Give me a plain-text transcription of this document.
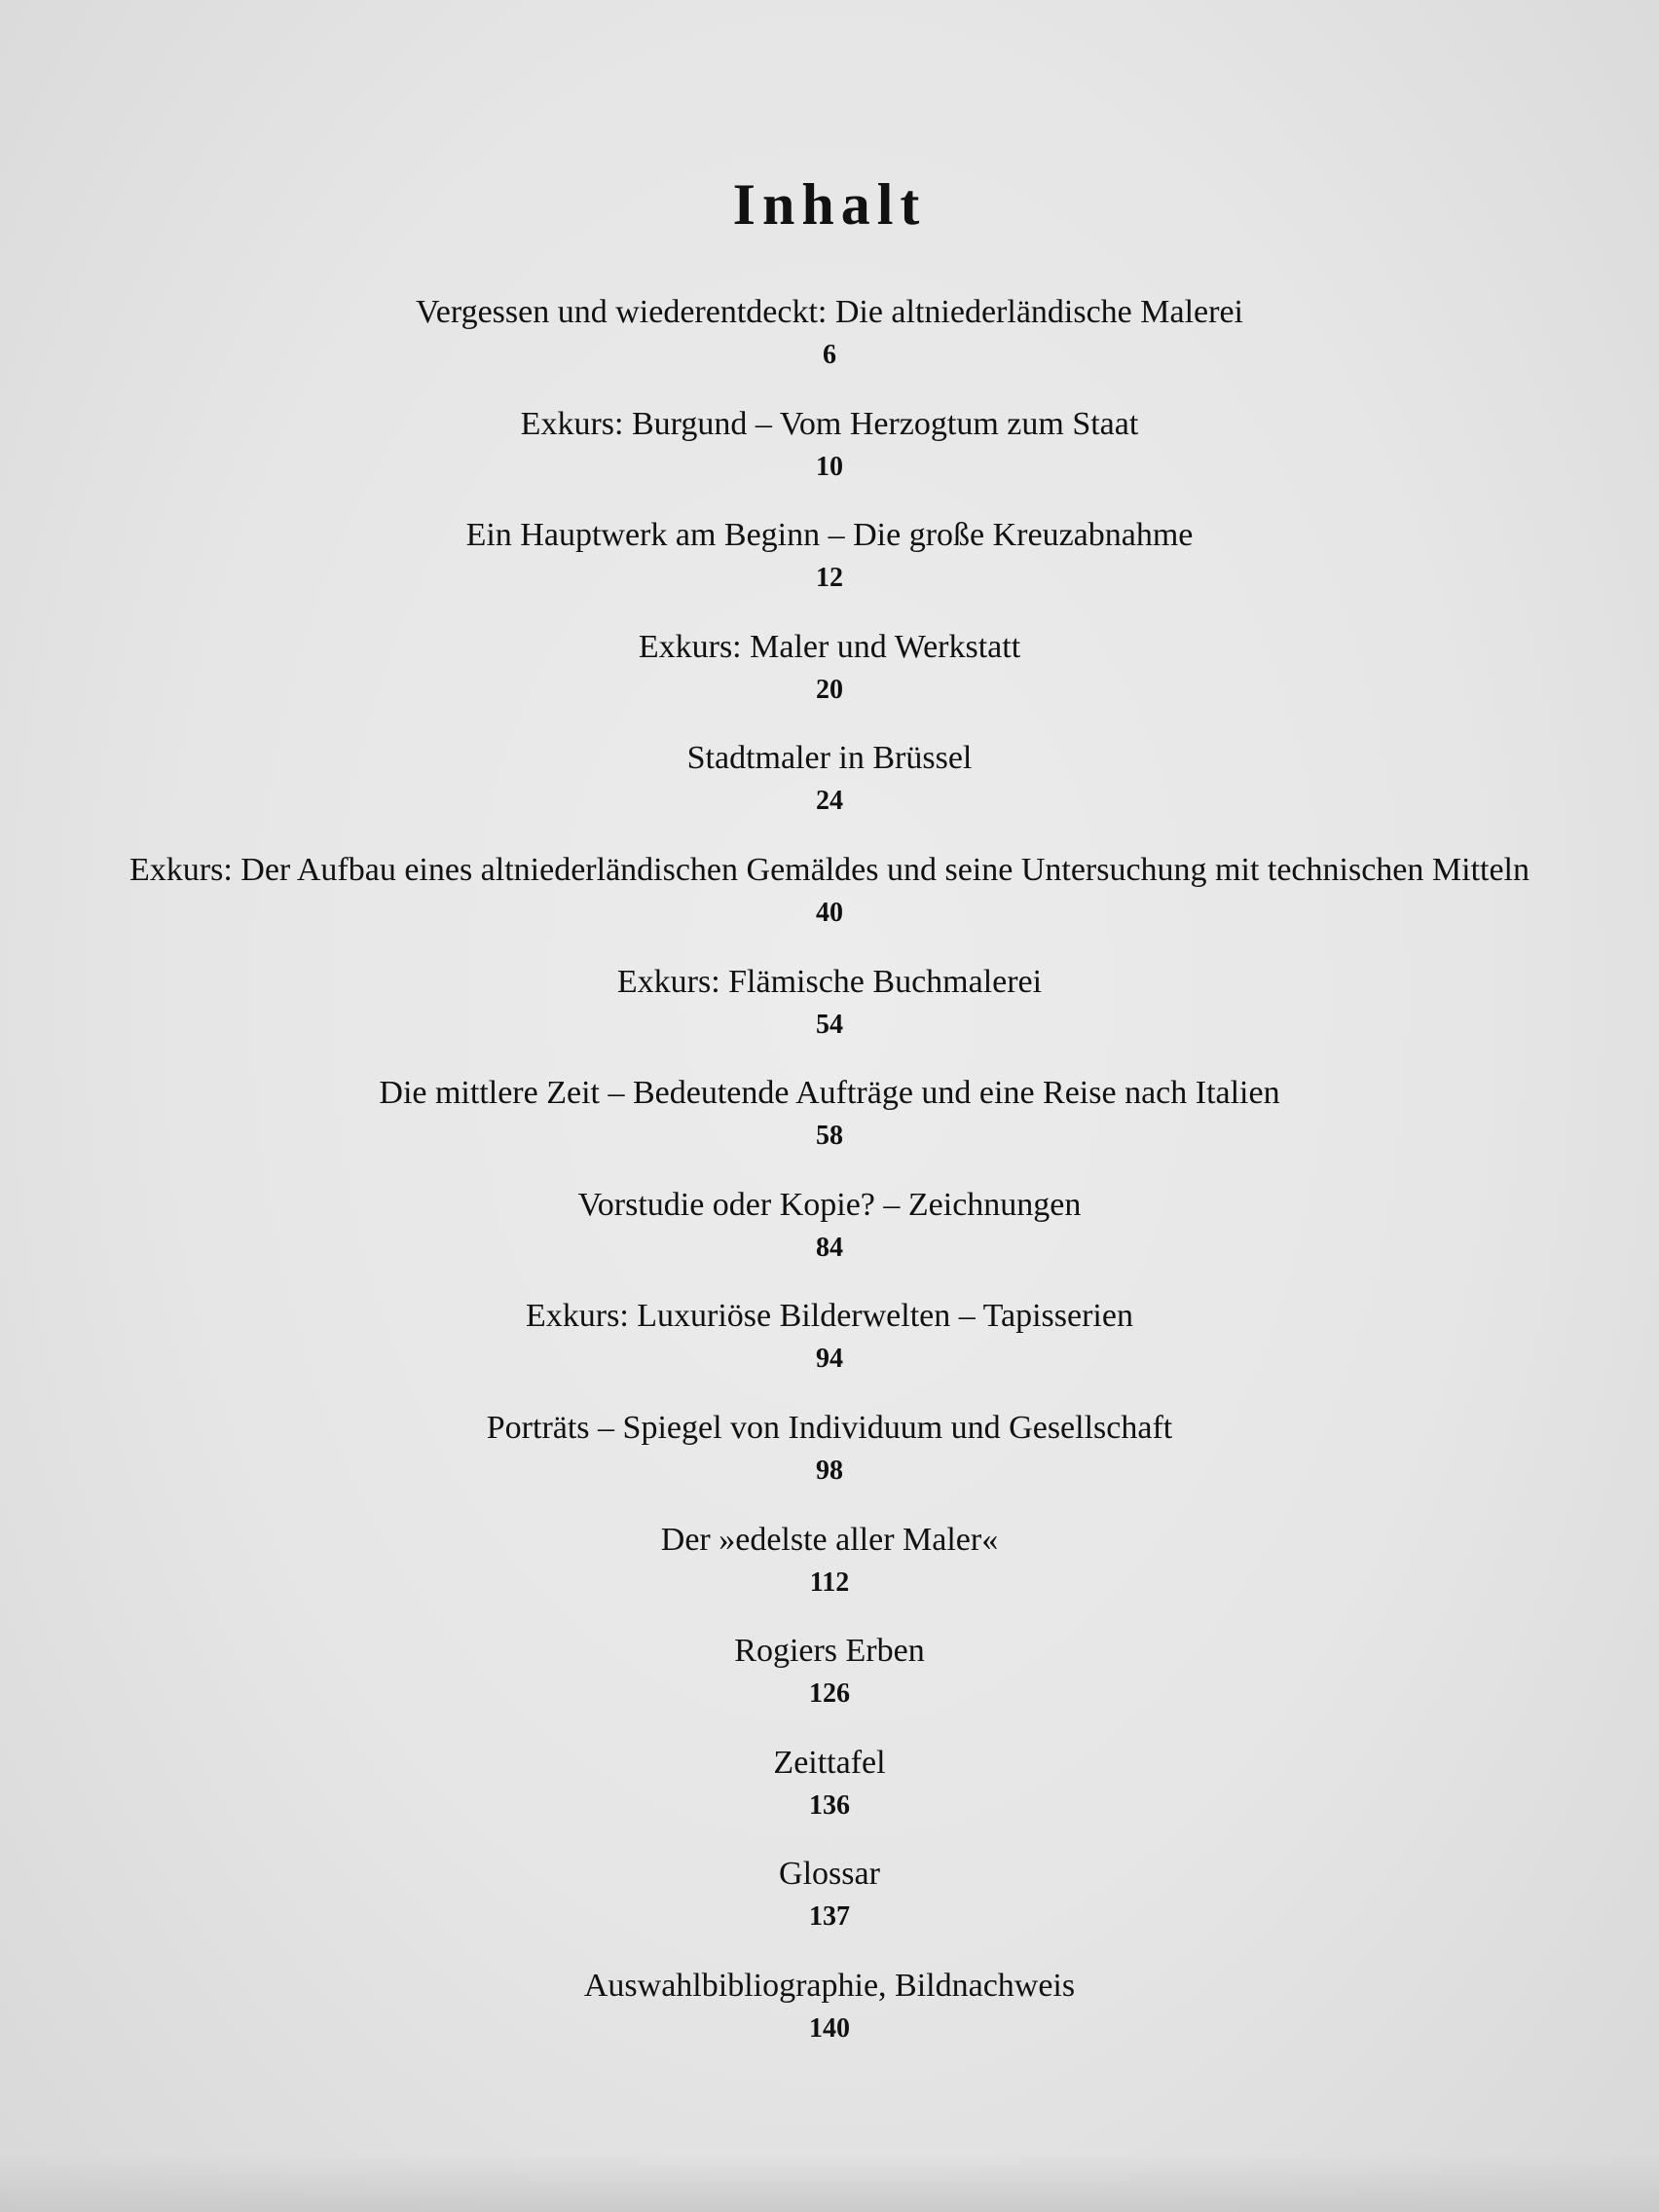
Inhalt
Vergessen und wiederentdeckt: Die altniederländische Malerei
6
Exkurs: Burgund – Vom Herzogtum zum Staat
10
Ein Hauptwerk am Beginn – Die große Kreuzabnahme
12
Exkurs: Maler und Werkstatt
20
Stadtmaler in Brüssel
24
Exkurs: Der Aufbau eines altniederländischen Gemäldes und seine Untersuchung mit technischen Mitteln
40
Exkurs: Flämische Buchmalerei
54
Die mittlere Zeit – Bedeutende Aufträge und eine Reise nach Italien
58
Vorstudie oder Kopie? – Zeichnungen
84
Exkurs: Luxuriöse Bilderwelten – Tapisserien
94
Porträts – Spiegel von Individuum und Gesellschaft
98
Der »edelste aller Maler«
112
Rogiers Erben
126
Zeittafel
136
Glossar
137
Auswahlbibliographie, Bildnachweis
140
